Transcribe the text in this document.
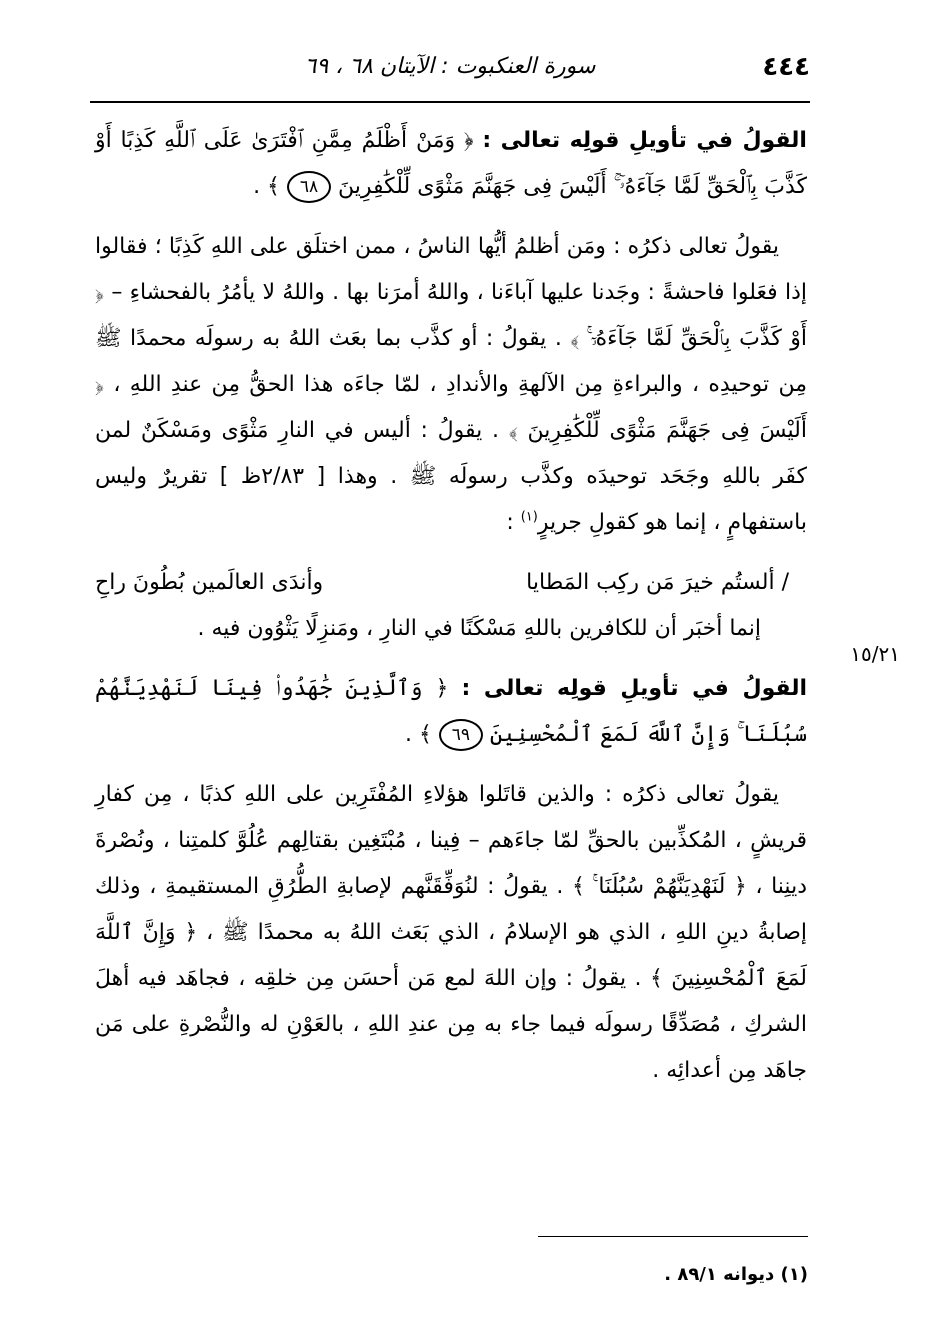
٤٤٤
سورة العنكبوت : الآيتان ٦٨ ، ٦٩
١٥/٢١

القولُ في تأويلِ قولِه تعالى : ﴿ وَمَنْ أَظْلَمُ مِمَّنِ ٱفْتَرَىٰ عَلَى ٱللَّهِ كَذِبًا أَوْ كَذَّبَ بِٱلْحَقِّ لَمَّا جَآءَهُۥٓ ۚ أَلَيْسَ فِى جَهَنَّمَ مَثْوًى لِّلْكَٰفِرِينَ ٦٨ ﴾ .

يقولُ تعالى ذكرُه : ومَن أظلمُ أيُّها الناسُ ، ممن اختلَق على اللهِ كَذِبًا ؛ فقالوا إذا فعَلوا فاحشةً : وجَدنا عليها آباءَنا ، واللهُ أمرَنا بها . واللهُ لا يأمُرُ بالفحشاءِ – ﴿ أَوْ كَذَّبَ بِٱلْحَقِّ لَمَّا جَآءَهُۥٓ ۚ ﴾ . يقولُ : أو كذَّب بما بعَث اللهُ به رسولَه محمدًا ﷺ مِن توحيدِه ، والبراءةِ مِن الآلهةِ والأندادِ ، لمّا جاءَه هذا الحقُّ مِن عندِ اللهِ ، ﴿ أَلَيْسَ فِى جَهَنَّمَ مَثْوًى لِّلْكَٰفِرِينَ ﴾ . يقولُ : أليس في النارِ مَثْوًى ومَسْكَنٌ لمن كفَر باللهِ وجَحَد توحيدَه وكذَّب رسولَه ﷺ . وهذا [ ٢/٨٣ظ ] تقريرٌ وليس باستفهامٍ ، إنما هو كقولِ جريرٍ$^{(١)}$ :

/ ألستُم خيرَ مَن ركِب المَطايا
وأندَى العالَمين بُطُونَ راحِ

إنما أخبَر أن للكافرين باللهِ مَسْكَنًا في النارِ ، ومَنزِلًا يَثْوُون فيه .

القولُ في تأويلِ قولِه تعالى : ﴿ وَٱلَّذِينَ جَٰهَدُوا۟ فِينَا لَنَهْدِيَنَّهُمْ سُبُلَنَا ۚ وَإِنَّ ٱللَّهَ لَمَعَ ٱلْمُحْسِنِينَ ٦٩ ﴾ .

يقولُ تعالى ذكرُه : والذين قاتَلوا هؤلاءِ المُفْتَرِين على اللهِ كذبًا ، مِن كفارِ قريشٍ ، المُكذِّبين بالحقِّ لمّا جاءَهم – فِينا ، مُبْتَغِين بقتالِهم عُلُوَّ كلمتِنا ، ونُصْرةَ دينِنا ، ﴿ لَنَهْدِيَنَّهُمْ سُبُلَنَا ۚ ﴾ . يقولُ : لنُوَفِّقَنَّهم لإصابةِ الطُّرُقِ المستقيمةِ ، وذلك إصابةُ دينِ اللهِ ، الذي هو الإسلامُ ، الذي بَعَث اللهُ به محمدًا ﷺ ، ﴿ وَإِنَّ ٱللَّهَ لَمَعَ ٱلْمُحْسِنِينَ ﴾ . يقولُ : وإن اللهَ لمع مَن أحسَن مِن خلقِه ، فجاهَد فيه أهلَ الشركِ ، مُصَدِّقًا رسولَه فيما جاء به مِن عندِ اللهِ ، بالعَوْنِ له والنُّصْرةِ على مَن جاهَد مِن أعدائِه .

(١) ديوانه ٨٩/١ .
